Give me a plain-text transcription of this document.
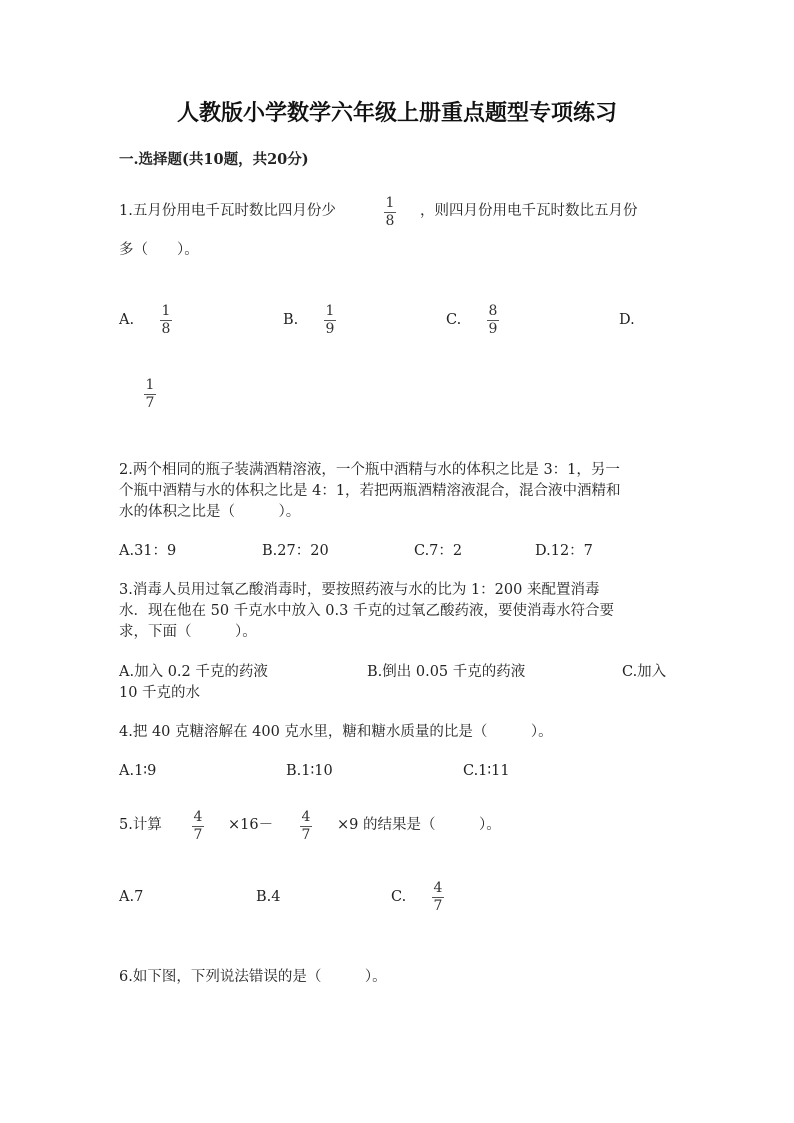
人教版小学数学六年级上册重点题型专项练习
一.选择题(共10题，共20分)
1.五月份用电千瓦时数比四月份少	1
8
，则四月份用电千瓦时数比五月份
多（　　）。
A.
1
8
B.
1
9
C.
8
9
D.
1
7
2.两个相同的瓶子装满酒精溶液，一个瓶中酒精与水的体积之比是 3：1，另一
个瓶中酒精与水的体积之比是 4：1，若把两瓶酒精溶液混合，混合液中酒精和
水的体积之比是（　　　）。
A.31：9	B.27：20	C.7：2	D.12：7
3.消毒人员用过氧乙酸消毒时，要按照药液与水的比为 1：200 来配置消毒
水．现在他在 50 千克水中放入 0.3 千克的过氧乙酸药液，要使消毒水符合要
求，下面（　　　）。
A.加入 0.2 千克的药液	B.倒出 0.05 千克的药液	C.加入
10 千克的水
4.把 40 克糖溶解在 400 克水里，糖和糖水质量的比是（　　　）。
A.1∶9	B.1∶10	C.1∶11
5.计算 4
7
×16－ 4
7
×9 的结果是（　　　）。
A.7	B.4	C.
4
7
6.如下图，下列说法错误的是（　　　）。
